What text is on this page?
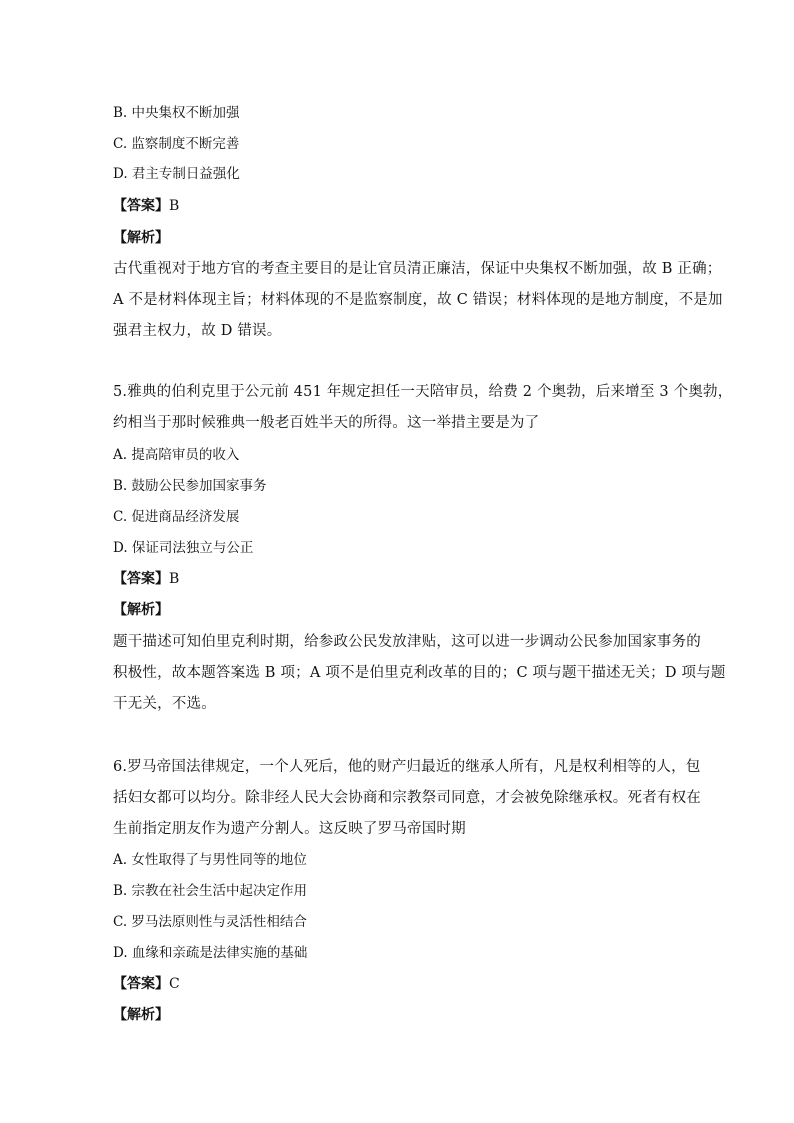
B. 中央集权不断加强
C. 监察制度不断完善
D. 君主专制日益强化
【答案】B
【解析】
古代重视对于地方官的考查主要目的是让官员清正廉洁，保证中央集权不断加强，故 B 正确；
A 不是材料体现主旨；材料体现的不是监察制度，故 C 错误；材料体现的是地方制度，不是加
强君主权力，故 D 错误。
5.雅典的伯利克里于公元前 451 年规定担任一天陪审员，给费 2 个奥勃，后来增至 3 个奥勃，
约相当于那时候雅典一般老百姓半天的所得。这一举措主要是为了
A. 提高陪审员的收入
B. 鼓励公民参加国家事务
C. 促进商品经济发展
D. 保证司法独立与公正
【答案】B
【解析】
题干描述可知伯里克利时期，给参政公民发放津贴，这可以进一步调动公民参加国家事务的
积极性，故本题答案选 B 项；A 项不是伯里克利改革的目的；C 项与题干描述无关；D 项与题
干无关，不选。
6.罗马帝国法律规定，一个人死后，他的财产归最近的继承人所有，凡是权利相等的人，包
括妇女都可以均分。除非经人民大会协商和宗教祭司同意，才会被免除继承权。死者有权在
生前指定朋友作为遗产分割人。这反映了罗马帝国时期
A. 女性取得了与男性同等的地位
B. 宗教在社会生活中起决定作用
C. 罗马法原则性与灵活性相结合
D. 血缘和亲疏是法律实施的基础
【答案】C
【解析】
